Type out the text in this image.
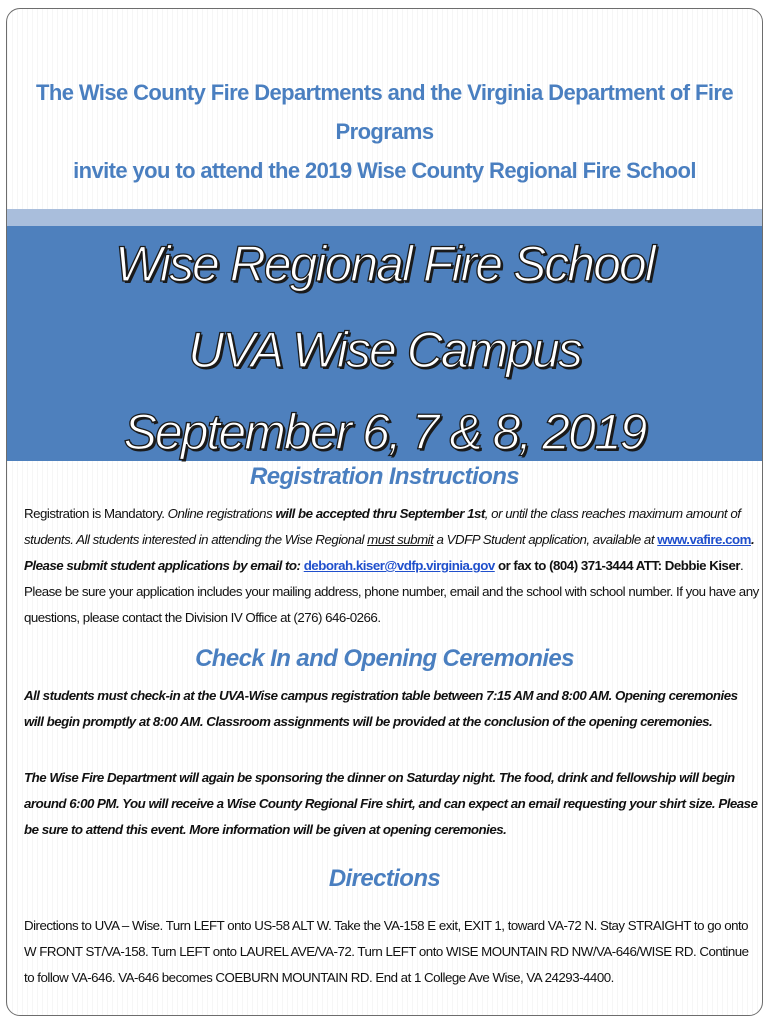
The Wise County Fire Departments and the Virginia Department of Fire Programs
invite you to attend the 2019 Wise County Regional Fire School
Wise Regional Fire School
UVA Wise Campus
September 6, 7 & 8, 2019
Registration Instructions
Registration is Mandatory. Online registrations will be accepted thru September 1st, or until the class reaches maximum amount of students. All students interested in attending the Wise Regional must submit a VDFP Student application, available at www.vafire.com. Please submit student applications by email to: deborah.kiser@vdfp.virginia.gov or fax to (804) 371-3444 ATT: Debbie Kiser. Please be sure your application includes your mailing address, phone number, email and the school with school number. If you have any questions, please contact the Division IV Office at (276) 646-0266.
Check In and Opening Ceremonies
All students must check-in at the UVA-Wise campus registration table between 7:15 AM and 8:00 AM. Opening ceremonies will begin promptly at 8:00 AM. Classroom assignments will be provided at the conclusion of the opening ceremonies.
The Wise Fire Department will again be sponsoring the dinner on Saturday night. The food, drink and fellowship will begin around 6:00 PM. You will receive a Wise County Regional Fire shirt, and can expect an email requesting your shirt size. Please be sure to attend this event. More information will be given at opening ceremonies.
Directions
Directions to UVA – Wise. Turn LEFT onto US-58 ALT W. Take the VA-158 E exit, EXIT 1, toward VA-72 N. Stay STRAIGHT to go onto W FRONT ST/VA-158. Turn LEFT onto LAUREL AVE/VA-72. Turn LEFT onto WISE MOUNTAIN RD NW/VA-646/WISE RD. Continue to follow VA-646. VA-646 becomes COEBURN MOUNTAIN RD. End at 1 College Ave Wise, VA 24293-4400.
